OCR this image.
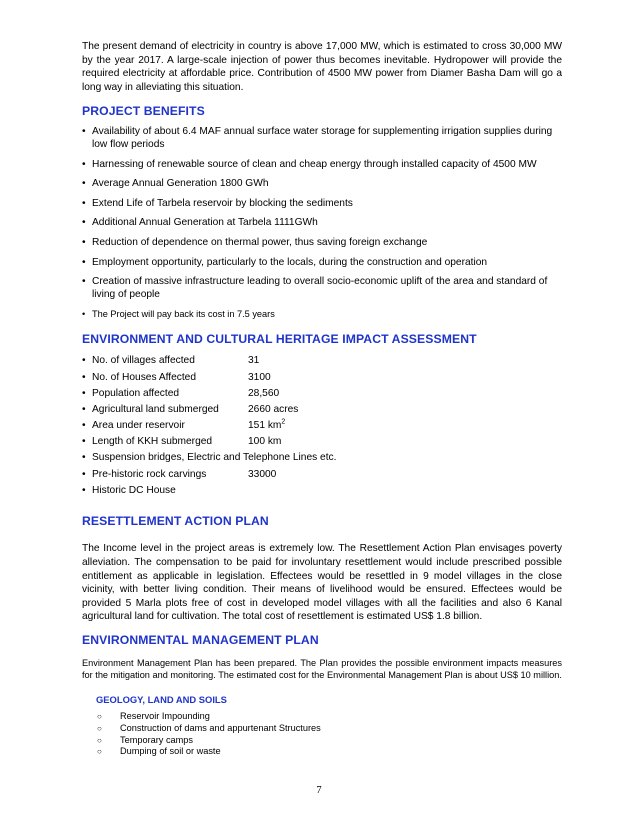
The present demand of electricity in country is above 17,000 MW, which is estimated to cross 30,000 MW by the year 2017. A large-scale injection of power thus becomes inevitable. Hydropower will provide the required electricity at affordable price. Contribution of 4500 MW power from Diamer Basha Dam will go a long way in alleviating this situation.

PROJECT BENEFITS
• Availability of about 6.4 MAF annual surface water storage for supplementing irrigation supplies during low flow periods
• Harnessing of renewable source of clean and cheap energy through installed capacity of 4500 MW
• Average Annual Generation 1800 GWh
• Extend Life of Tarbela reservoir by blocking the sediments
• Additional Annual Generation at Tarbela 1111GWh
• Reduction of dependence on thermal power, thus saving foreign exchange
• Employment opportunity, particularly to the locals, during the construction and operation
• Creation of massive infrastructure leading to overall socio-economic uplift of the area and standard of living of people
• The Project will pay back its cost in 7.5 years
ENVIRONMENT AND CULTURAL HERITAGE IMPACT ASSESSMENT
• No. of villages affected	31
• No. of Houses Affected	3100
• Population affected	28,560
• Agricultural land submerged	2660 acres
• Area under reservoir	151 $km^2$
• Length of KKH submerged	100 km
• Suspension bridges, Electric and Telephone Lines etc.
• Pre-historic rock carvings	33000
• Historic DC House
RESETTLEMENT ACTION PLAN

The Income level in the project areas is extremely low. The Resettlement Action Plan envisages poverty alleviation. The compensation to be paid for involuntary resettlement would include prescribed possible entitlement as applicable in legislation. Effectees would be resettled in 9 model villages in the close vicinity, with better living condition. Their means of livelihood would be ensured. Effectees would be provided 5 Marla plots free of cost in developed model villages with all the facilities and also 6 Kanal agricultural land for cultivation. The total cost of resettlement is estimated US$ 1.8 billion.

ENVIRONMENTAL MANAGEMENT PLAN

Environment Management Plan has been prepared. The Plan provides the possible environment impacts measures for the mitigation and monitoring. The estimated cost for the Environmental Management Plan is about US$ 10 million.

GEOLOGY, LAND AND SOILS
○ Reservoir Impounding
○ Construction of dams and appurtenant Structures
○ Temporary camps
○ Dumping of soil or waste
7
